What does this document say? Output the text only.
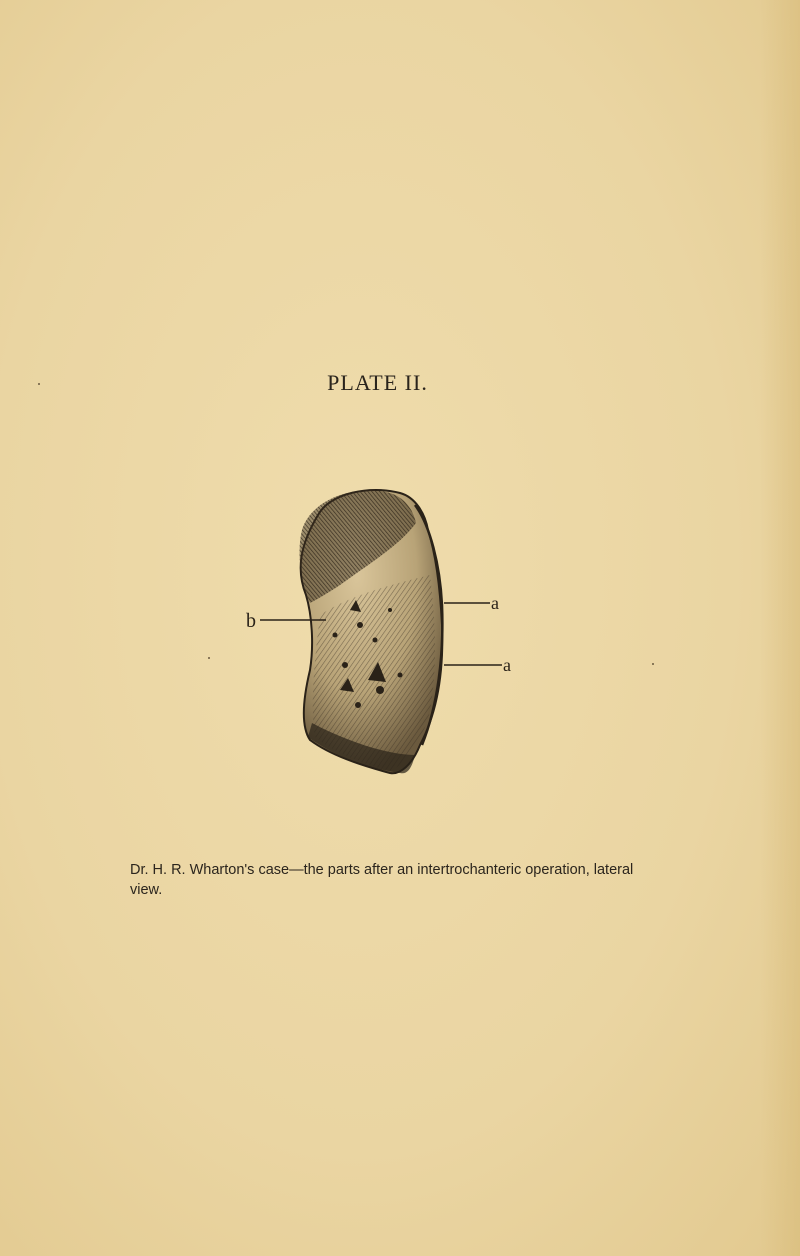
PLATE II.
b
a
a
Dr. H. R. Wharton's case—the parts after an intertrochanteric operation, lateral
view.
